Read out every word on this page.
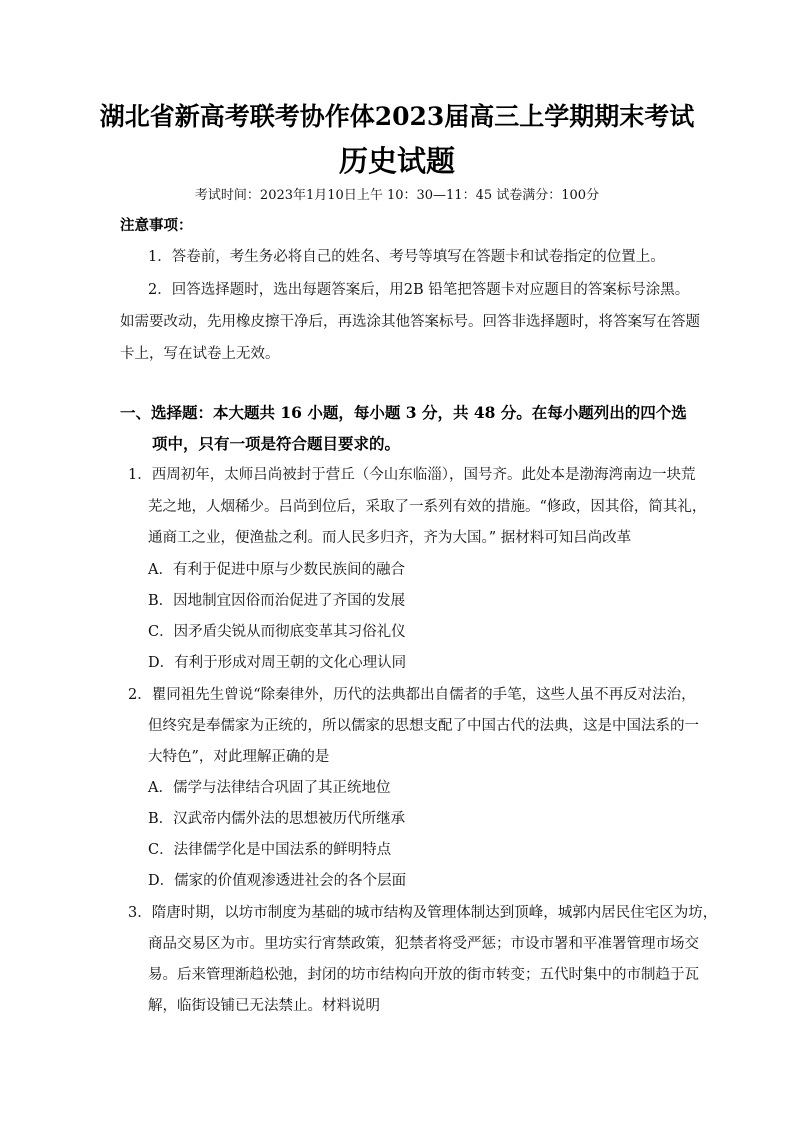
湖北省新高考联考协作体2023届高三上学期期末考试
历史试题
考试时间：2023年1月10日上午 10：30—11：45 试卷满分：100分
注意事项：
1．答卷前，考生务必将自己的姓名、考号等填写在答题卡和试卷指定的位置上。
2．回答选择题时，选出每题答案后，用2B 铅笔把答题卡对应题目的答案标号涂黑。
如需要改动，先用橡皮擦干净后，再选涂其他答案标号。回答非选择题时，将答案写在答题
卡上，写在试卷上无效。
一、选择题：本大题共 16 小题，每小题 3 分，共 48 分。在每小题列出的四个选
项中，只有一项是符合题目要求的。
1．西周初年，太师吕尚被封于营丘（今山东临淄），国号齐。此处本是渤海湾南边一块荒
芜之地，人烟稀少。吕尚到位后，采取了一系列有效的措施。“修政，因其俗，简其礼，
通商工之业，便渔盐之利。而人民多归齐，齐为大国。” 据材料可知吕尚改革
A．有利于促进中原与少数民族间的融合
B．因地制宜因俗而治促进了齐国的发展
C．因矛盾尖锐从而彻底变革其习俗礼仪
D．有利于形成对周王朝的文化心理认同
2．瞿同祖先生曾说“除秦律外，历代的法典都出自儒者的手笔，这些人虽不再反对法治，
但终究是奉儒家为正统的，所以儒家的思想支配了中国古代的法典，这是中国法系的一
大特色”，对此理解正确的是
A．儒学与法律结合巩固了其正统地位
B．汉武帝内儒外法的思想被历代所继承
C．法律儒学化是中国法系的鲜明特点
D．儒家的价值观渗透进社会的各个层面
3．隋唐时期，以坊市制度为基础的城市结构及管理体制达到顶峰，城郭内居民住宅区为坊，
商品交易区为市。里坊实行宵禁政策，犯禁者将受严惩；市设市署和平准署管理市场交
易。后来管理渐趋松弛，封闭的坊市结构向开放的街市转变；五代时集中的市制趋于瓦
解，临街设铺已无法禁止。材料说明
